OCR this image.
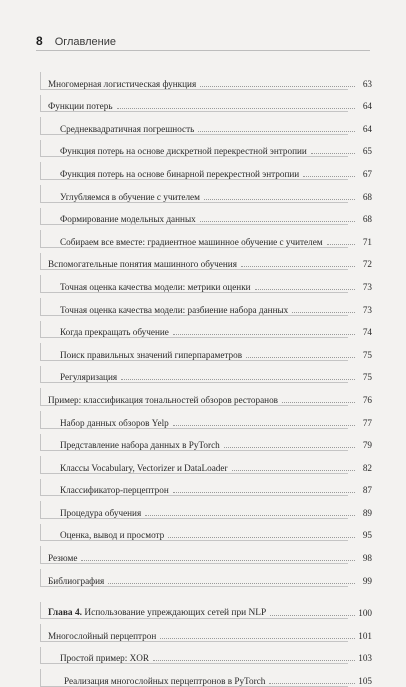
8 Оглавление
Многомерная логистическая функция	63
Функции потерь	64
Среднеквадратичная погрешность	64
Функция потерь на основе дискретной перекрестной энтропии	65
Функция потерь на основе бинарной перекрестной энтропии	67
Углубляемся в обучение с учителем	68
Формирование модельных данных	68
Собираем все вместе: градиентное машинное обучение с учителем	71
Вспомогательные понятия машинного обучения	72
Точная оценка качества модели: метрики оценки	73
Точная оценка качества модели: разбиение набора данных	73
Когда прекращать обучение	74
Поиск правильных значений гиперпараметров	75
Регуляризация	75
Пример: классификация тональностей обзоров ресторанов	76
Набор данных обзоров Yelp	77
Представление набора данных в PyTorch	79
Классы Vocabulary, Vectorizer и DataLoader	82
Классификатор-перцептрон	87
Процедура обучения	89
Оценка, вывод и просмотр	95
Резюме	98
Библиография	99
Глава 4. Использование упреждающих сетей при NLP	100
Многослойный перцептрон	101
Простой пример: XOR	103
Реализация многослойных перцептронов в PyTorch	105
